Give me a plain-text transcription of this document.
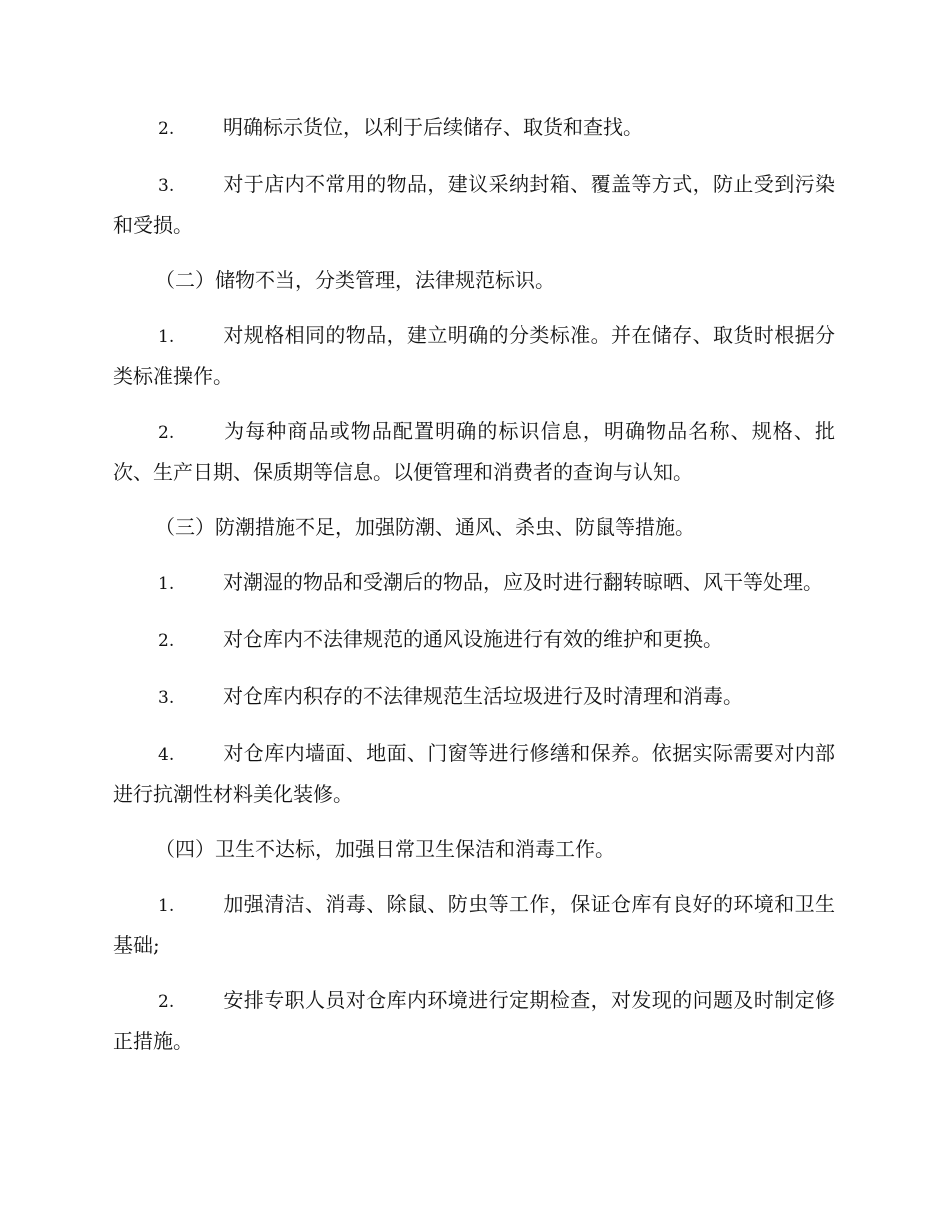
2. 明确标示货位，以利于后续储存、取货和查找。

3. 对于店内不常用的物品，建议采纳封箱、覆盖等方式，防止受到污染和受损。

（二）储物不当，分类管理，法律规范标识。

1. 对规格相同的物品，建立明确的分类标准。并在储存、取货时根据分类标准操作。

2. 为每种商品或物品配置明确的标识信息，明确物品名称、规格、批次、生产日期、保质期等信息。以便管理和消费者的查询与认知。

（三）防潮措施不足，加强防潮、通风、杀虫、防鼠等措施。

1. 对潮湿的物品和受潮后的物品，应及时进行翻转晾晒、风干等处理。

2. 对仓库内不法律规范的通风设施进行有效的维护和更换。

3. 对仓库内积存的不法律规范生活垃圾进行及时清理和消毒。

4. 对仓库内墙面、地面、门窗等进行修缮和保养。依据实际需要对内部进行抗潮性材料美化装修。

（四）卫生不达标，加强日常卫生保洁和消毒工作。

1. 加强清洁、消毒、除鼠、防虫等工作，保证仓库有良好的环境和卫生基础;

2. 安排专职人员对仓库内环境进行定期检查，对发现的问题及时制定修正措施。
